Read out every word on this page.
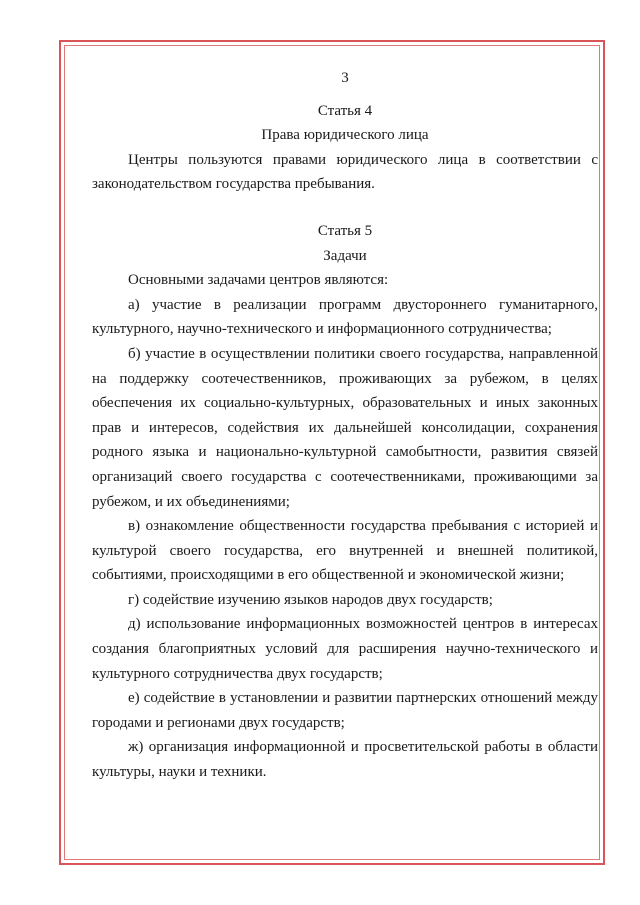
3

Статья 4

Права юридического лица

Центры пользуются правами юридического лица в соответствии с законодательством государства пребывания.

Статья 5

Задачи

Основными задачами центров являются:

а) участие в реализации программ двустороннего гуманитарного, культурного, научно-технического и информационного сотрудничества;

б) участие в осуществлении политики своего государства, направленной на поддержку соотечественников, проживающих за рубежом, в целях обеспечения их социально-культурных, образовательных и иных законных прав и интересов, содействия их дальнейшей консолидации, сохранения родного языка и национально-культурной самобытности, развития связей организаций своего государства с соотечественниками, проживающими за рубежом, и их объединениями;

в) ознакомление общественности государства пребывания с историей и культурой своего государства, его внутренней и внешней политикой, событиями, происходящими в его общественной и экономической жизни;

г) содействие изучению языков народов двух государств;

д) использование информационных возможностей центров в интересах создания благоприятных условий для расширения научно-технического и культурного сотрудничества двух государств;

е) содействие в установлении и развитии партнерских отношений между городами и регионами двух государств;

ж) организация информационной и просветительской работы в области культуры, науки и техники.
